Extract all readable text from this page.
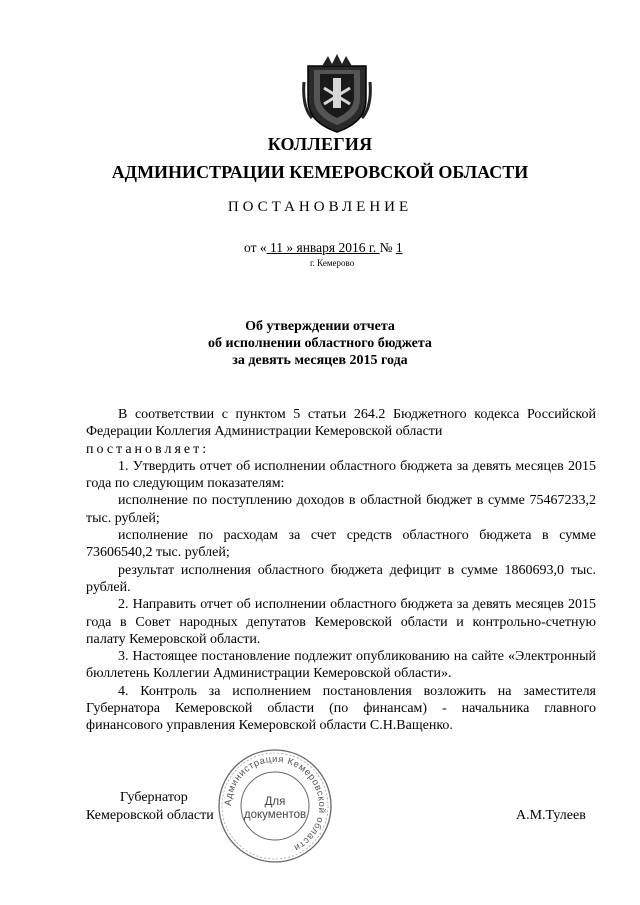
КОЛЛЕГИЯ
АДМИНИСТРАЦИИ КЕМЕРОВСКОЙ ОБЛАСТИ
ПОСТАНОВЛЕНИЕ
от « 11 » января 2016 г. № 1
г. Кемерово
Об утверждении отчета
об исполнении областного бюджета
за девять месяцев 2015 года

В соответствии с пунктом 5 статьи 264.2 Бюджетного кодекса Российской Федерации Коллегия Администрации Кемеровской области

постановляет:

1. Утвердить отчет об исполнении областного бюджета за девять месяцев 2015 года по следующим показателям:

исполнение по поступлению доходов в областной бюджет в сумме 75467233,2 тыс. рублей;

исполнение по расходам за счет средств областного бюджета в сумме 73606540,2 тыс. рублей;

результат исполнения областного бюджета дефицит в сумме 1860693,0 тыс. рублей.

2. Направить отчет об исполнении областного бюджета за девять месяцев 2015 года в Совет народных депутатов Кемеровской области и контрольно-счетную палату Кемеровской области.

3. Настоящее постановление подлежит опубликованию на сайте «Электронный бюллетень Коллегии Администрации Кемеровской области».

4. Контроль за исполнением постановления возложить на заместителя Губернатора Кемеровской области (по финансам) - начальника главного финансового управления Кемеровской области С.Н.Ващенко.

Губернатор
Кемеровской области	А.М.Тулеев
Администрация Кемеровской области
Для
документов
